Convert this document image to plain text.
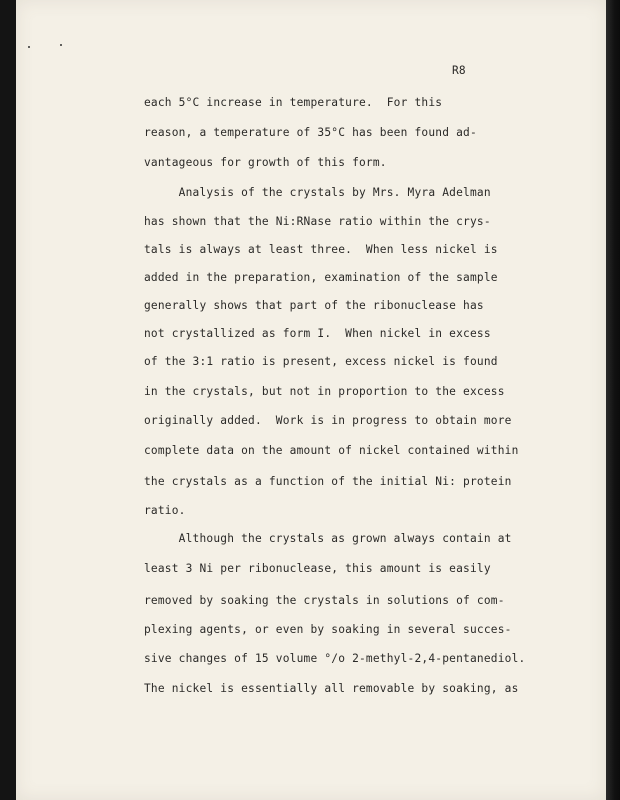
R8
each 5°C increase in temperature.  For this
reason, a temperature of 35°C has been found ad-
vantageous for growth of this form.
Analysis of the crystals by Mrs. Myra Adelman
has shown that the Ni:RNase ratio within the crys-
tals is always at least three.  When less nickel is
added in the preparation, examination of the sample
generally shows that part of the ribonuclease has
not crystallized as form I.  When nickel in excess
of the 3:1 ratio is present, excess nickel is found
in the crystals, but not in proportion to the excess
originally added.  Work is in progress to obtain more
complete data on the amount of nickel contained within
the crystals as a function of the initial Ni: protein
ratio.
Although the crystals as grown always contain at
least 3 Ni per ribonuclease, this amount is easily
removed by soaking the crystals in solutions of com-
plexing agents, or even by soaking in several succes-
sive changes of 15 volume °/o 2-methyl-2,4-pentanediol.
The nickel is essentially all removable by soaking, as
